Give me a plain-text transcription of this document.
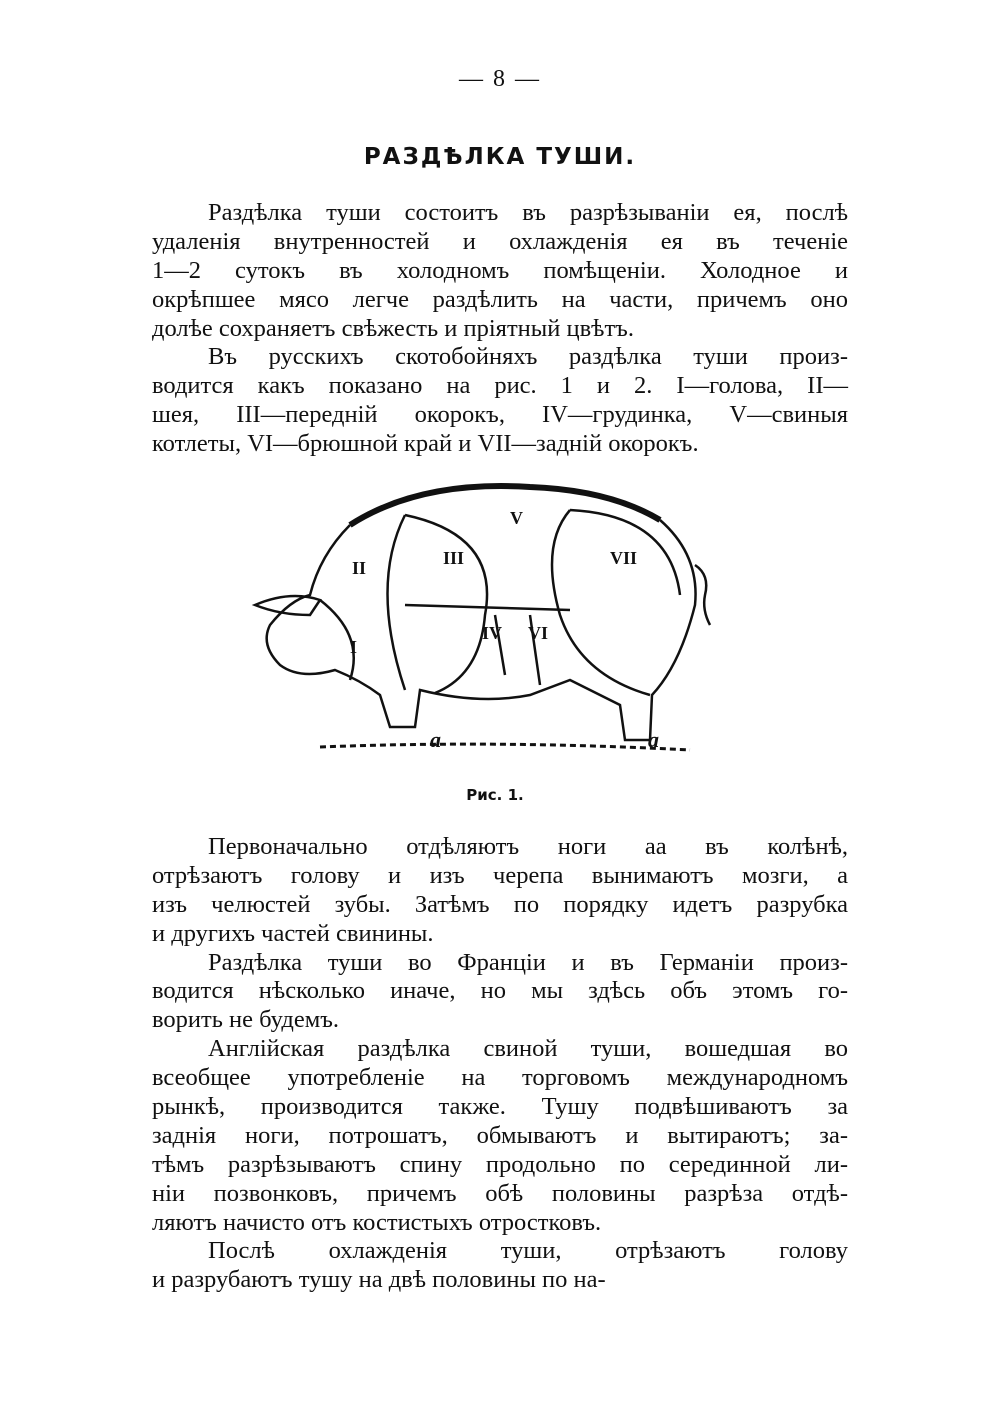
— 8 —
РАЗДѢЛКА ТУШИ.
Раздѣлка туши состоитъ въ разрѣзываніи ея, послѣ
удаленія внутренностей и охлажденія ея въ теченіе
1—2 сутокъ въ холодномъ помѣщеніи. Холодное и
окрѣпшее мясо легче раздѣлить на части, причемъ оно
долѣе сохраняетъ свѣжесть и пріятный цвѣтъ.
Въ русскихъ скотобойняхъ раздѣлка туши произ-
водится какъ показано на рис. 1 и 2. I—голова, II—
шея, III—передній окорокъ, IV—грудинка, V—свиныя
котлеты, VI—брюшной край и VII—задній окорокъ.
I
II	III
IV
V
VI
VII
a	a
Рис. 1.
Первоначально отдѣляютъ ноги aa въ колѣнѣ,
отрѣзаютъ голову и изъ черепа вынимаютъ мозги, а
изъ челюстей зубы. Затѣмъ по порядку идетъ разрубка
и другихъ частей свинины.
Раздѣлка туши во Франціи и въ Германіи произ-
водится нѣсколько иначе, но мы здѣсь объ этомъ го-
ворить не будемъ.
Англійская раздѣлка свиной туши, вошедшая во
всеобщее употребленіе на торговомъ международномъ
рынкѣ, производится также. Тушу подвѣшиваютъ за
заднія ноги, потрошатъ, обмываютъ и вытираютъ; за-
тѣмъ разрѣзываютъ спину продольно по серединной ли-
ніи позвонковъ, причемъ обѣ половины разрѣза отдѣ-
ляютъ начисто отъ костистыхъ отростковъ.
Послѣ охлажденія туши, отрѣзаютъ голову
и разрубаютъ тушу на двѣ половины по на-
